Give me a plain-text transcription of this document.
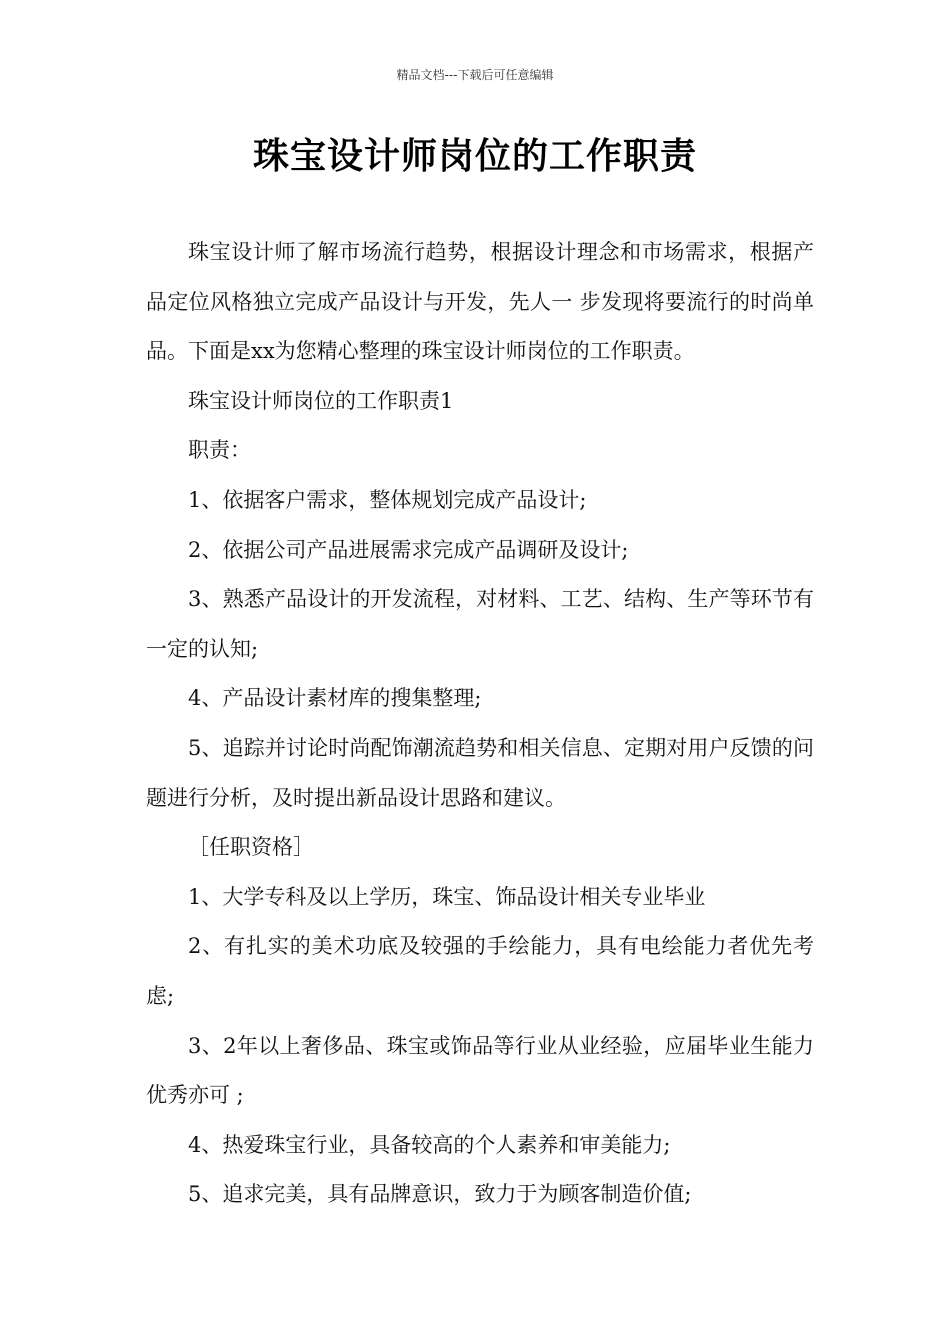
精品文档---下载后可任意编辑
珠宝设计师岗位的工作职责

珠宝设计师了解市场流行趋势，根据设计理念和市场需求，根据产品定位风格独立完成产品设计与开发，先人一 步发现将要流行的时尚单品。下面是xx为您精心整理的珠宝设计师岗位的工作职责。

珠宝设计师岗位的工作职责1

职责：

1、依据客户需求，整体规划完成产品设计;

2、依据公司产品进展需求完成产品调研及设计;

3、熟悉产品设计的开发流程，对材料、工艺、结构、生产等环节有一定的认知;

4、产品设计素材库的搜集整理;

5、追踪并讨论时尚配饰潮流趋势和相关信息、定期对用户反馈的问题进行分析，及时提出新品设计思路和建议。

［任职资格］

1、大学专科及以上学历，珠宝、饰品设计相关专业毕业

2、有扎实的美术功底及较强的手绘能力，具有电绘能力者优先考虑;

3、2年以上奢侈品、珠宝或饰品等行业从业经验，应届毕业生能力优秀亦可 ;

4、热爱珠宝行业，具备较高的个人素养和审美能力;

5、追求完美，具有品牌意识，致力于为顾客制造价值;
